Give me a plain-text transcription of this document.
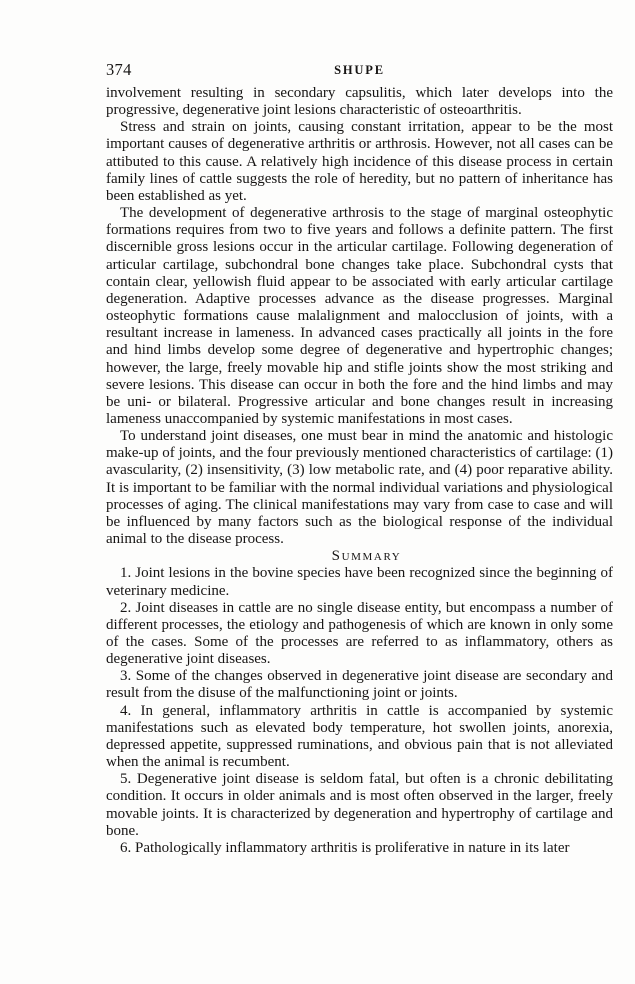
374	SHUPE

involvement resulting in secondary capsulitis, which later develops into the progressive, degenerative joint lesions characteristic of osteoarthritis.

Stress and strain on joints, causing constant irritation, appear to be the most important causes of degenerative arthritis or arthrosis. However, not all cases can be attibuted to this cause. A relatively high incidence of this disease process in certain family lines of cattle suggests the role of heredity, but no pattern of inheritance has been established as yet.

The development of degenerative arthrosis to the stage of marginal osteophytic formations requires from two to five years and follows a definite pattern. The first discernible gross lesions occur in the articular cartilage. Following degeneration of articular cartilage, subchondral bone changes take place. Subchondral cysts that contain clear, yellowish fluid appear to be associated with early articular cartilage degeneration. Adaptive processes advance as the disease progresses. Marginal osteophytic formations cause malalignment and malocclusion of joints, with a resultant increase in lameness. In advanced cases practically all joints in the fore and hind limbs develop some degree of degenerative and hypertrophic changes; however, the large, freely movable hip and stifle joints show the most striking and severe lesions. This disease can occur in both the fore and the hind limbs and may be uni- or bilateral. Progressive articular and bone changes result in increasing lameness unaccompanied by systemic manifestations in most cases.

To understand joint diseases, one must bear in mind the anatomic and histologic make-up of joints, and the four previously mentioned characteristics of cartilage: (1) avascularity, (2) insensitivity, (3) low metabolic rate, and (4) poor reparative ability. It is important to be familiar with the normal individual variations and physiological processes of aging. The clinical manifestations may vary from case to case and will be influenced by many factors such as the biological response of the individual animal to the disease process.

Summary

1. Joint lesions in the bovine species have been recognized since the beginning of veterinary medicine.

2. Joint diseases in cattle are no single disease entity, but encompass a number of different processes, the etiology and pathogenesis of which are known in only some of the cases. Some of the processes are referred to as inflammatory, others as degenerative joint diseases.

3. Some of the changes observed in degenerative joint disease are secondary and result from the disuse of the malfunctioning joint or joints.

4. In general, inflammatory arthritis in cattle is accompanied by systemic manifestations such as elevated body temperature, hot swollen joints, anorexia, depressed appetite, suppressed ruminations, and obvious pain that is not alleviated when the animal is recumbent.

5. Degenerative joint disease is seldom fatal, but often is a chronic debilitating condition. It occurs in older animals and is most often observed in the larger, freely movable joints. It is characterized by degeneration and hypertrophy of cartilage and bone.

6. Pathologically inflammatory arthritis is proliferative in nature in its later
